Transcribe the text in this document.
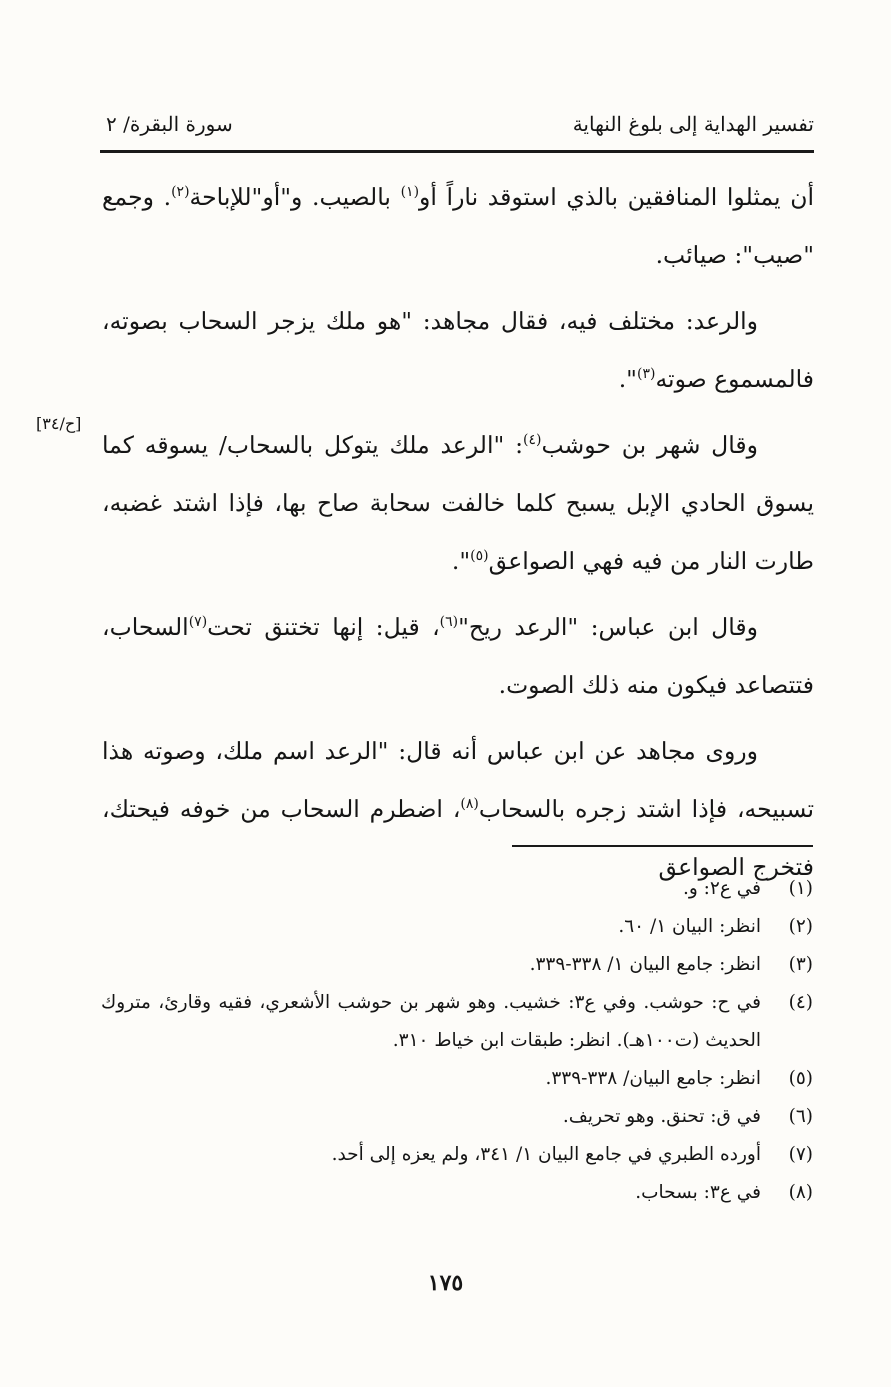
تفسير الهداية إلى بلوغ النهاية
سورة البقرة/ ٢
[ح/٣٤]

أن يمثلوا المنافقين بالذي استوقد ناراً أو$^{(١)}$ بالصيب. و"أو"للإباحة$^{(٢)}$. وجمع "صيب": صيائب.

والرعد: مختلف فيه، فقال مجاهد: "هو ملك يزجر السحاب بصوته، فالمسموع صوته$^{(٣)}$".

وقال شهر بن حوشب$^{(٤)}$: "الرعد ملك يتوكل بالسحاب/ يسوقه كما يسوق الحادي الإبل يسبح كلما خالفت سحابة صاح بها، فإذا اشتد غضبه، طارت النار من فيه فهي الصواعق$^{(٥)}$".

وقال ابن عباس: "الرعد ريح"$^{(٦)}$، قيل: إنها تختنق تحت$^{(٧)}$السحاب، فتتصاعد فيكون منه ذلك الصوت.

وروى مجاهد عن ابن عباس أنه قال: "الرعد اسم ملك، وصوته هذا تسبيحه، فإذا اشتد زجره بالسحاب$^{(٨)}$، اضطرم السحاب من خوفه فيحتك، فتخرج الصواعق

(١)
في ع٢: و.
(٢)
انظر: البيان ١/ ٦٠.
(٣)
انظر: جامع البيان ١/ ٣٣٨-٣٣٩.
(٤)
في ح: حوشب. وفي ع٣: خشيب. وهو شهر بن حوشب الأشعري، فقيه وقارئ، متروك الحديث (ت١٠٠هـ). انظر: طبقات ابن خياط ٣١٠.
(٥)
انظر: جامع البيان/ ٣٣٨-٣٣٩.
(٦)
في ق: تحنق. وهو تحريف.
(٧)
أورده الطبري في جامع البيان ١/ ٣٤١، ولم يعزه إلى أحد.
(٨)
في ع٣: بسحاب.
١٧٥
